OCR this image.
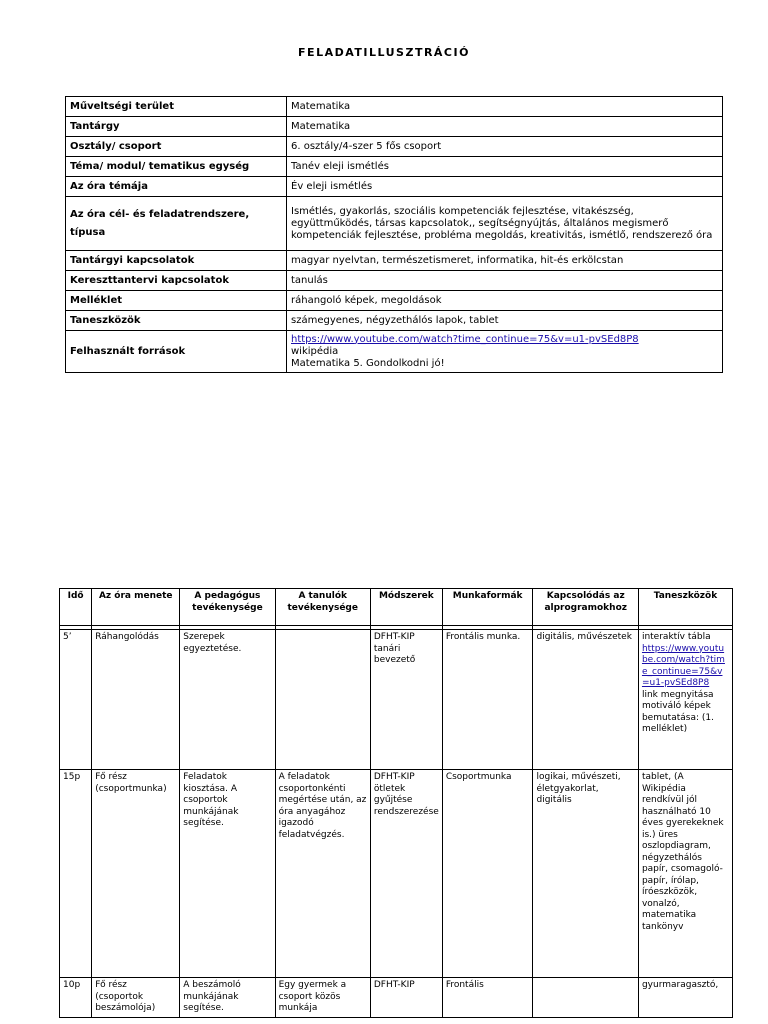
FELADATILLUSZTRÁCIÓ
Műveltségi terület	Matematika
Tantárgy	Matematika
Osztály/ csoport	6. osztály/4-szer 5 fős csoport
Téma/ modul/ tematikus egység	Tanév eleji ismétlés
Az óra témája	Év eleji ismétlés
Az óra cél- és feladatrendszere, típusa	Ismétlés, gyakorlás, szociális kompetenciák fejlesztése, vitakészség, együttműködés, társas kapcsolatok,, segítségnyújtás, általános megismerő kompetenciák fejlesztése, probléma megoldás, kreativitás, ismétlő, rendszerező óra
Tantárgyi kapcsolatok	magyar nyelvtan, természetismeret, informatika, hit-és erkölcstan
Kereszttantervi kapcsolatok	tanulás
Melléklet	ráhangoló képek, megoldások
Taneszközök	számegyenes, négyzethálós lapok, tablet
Felhasznált források	https://www.youtube.com/watch?time_continue=75&v=u1-pvSEd8P8
wikipédia
Matematika 5. Gondolkodni jó!
Idő	Az óra menete	A pedagógus tevékenysége	A tanulók tevékenysége	Módszerek	Munkaformák	Kapcsolódás az alprogramokhoz	Taneszközök

5’	Ráhangolódás	Szerepek egyeztetése.		DFHT-KIP tanári bevezető	Frontális munka.	digitális, művészetek	interaktív tábla
https://www.youtube.com/watch?time_continue=75&v=u1-pvSEd8P8
link megnyitása motiváló képek bemutatása: (1. melléklet)
15p	Fő rész (csoportmunka)	Feladatok kiosztása. A csoportok munkájának segítése.	A feladatok csoportonkénti megértése után, az óra anyagához igazodó feladatvégzés.	DFHT-KIP ötletek gyűjtése rendszerezése	Csoportmunka	logikai, művészeti, életgyakorlat, digitális	tablet, (A Wikipédia rendkívül jól használható 10 éves gyerekeknek is.) üres oszlopdiagram, négyzethálós papír, csomagoló-papír, írólap, íróeszközök, vonalzó, matematika tankönyv
10p	Fő rész (csoportok beszámolója)	A beszámoló munkájának segítése.	Egy gyermek a csoport közös munkája	DFHT-KIP	Frontális		gyurmaragasztó,
